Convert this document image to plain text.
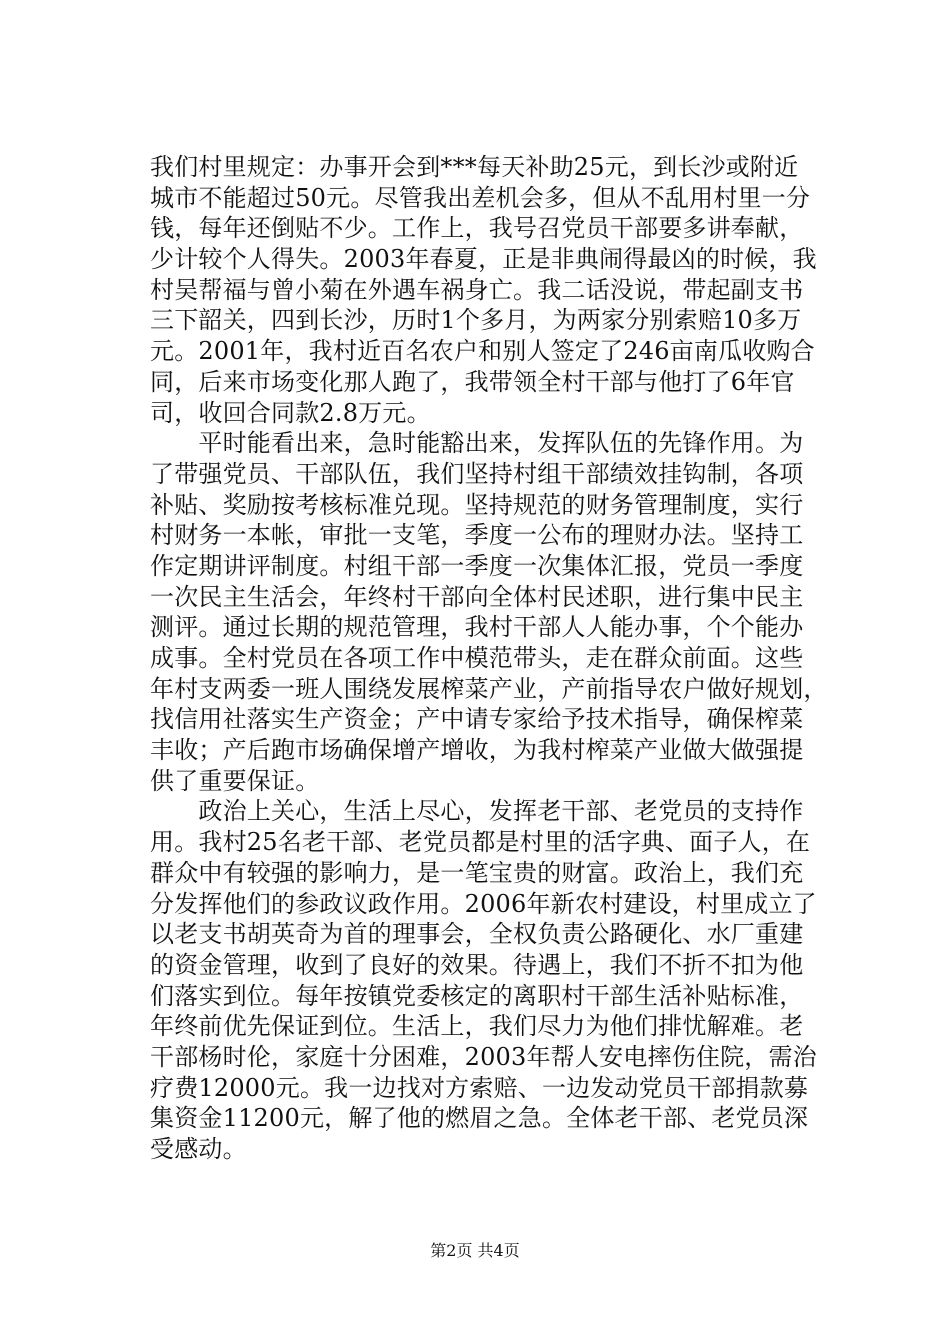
我们村里规定：办事开会到***每天补助25元，到长沙或附近
城市不能超过50元。尽管我出差机会多，但从不乱用村里一分
钱，每年还倒贴不少。工作上，我号召党员干部要多讲奉献，
少计较个人得失。2003年春夏，正是非典闹得最凶的时候，我
村吴帮福与曾小菊在外遇车祸身亡。我二话没说，带起副支书
三下韶关，四到长沙，历时1个多月，为两家分别索赔10多万
元。2001年，我村近百名农户和别人签定了246亩南瓜收购合
同，后来市场变化那人跑了，我带领全村干部与他打了6年官
司，收回合同款2.8万元。
　　平时能看出来，急时能豁出来，发挥队伍的先锋作用。为
了带强党员、干部队伍，我们坚持村组干部绩效挂钩制，各项
补贴、奖励按考核标准兑现。坚持规范的财务管理制度，实行
村财务一本帐，审批一支笔，季度一公布的理财办法。坚持工
作定期讲评制度。村组干部一季度一次集体汇报，党员一季度
一次民主生活会，年终村干部向全体村民述职，进行集中民主
测评。通过长期的规范管理，我村干部人人能办事，个个能办
成事。全村党员在各项工作中模范带头，走在群众前面。这些
年村支两委一班人围绕发展榨菜产业，产前指导农户做好规划，
找信用社落实生产资金；产中请专家给予技术指导，确保榨菜
丰收；产后跑市场确保增产增收，为我村榨菜产业做大做强提
供了重要保证。
　　政治上关心，生活上尽心，发挥老干部、老党员的支持作
用。我村25名老干部、老党员都是村里的活字典、面子人，在
群众中有较强的影响力，是一笔宝贵的财富。政治上，我们充
分发挥他们的参政议政作用。2006年新农村建设，村里成立了
以老支书胡英奇为首的理事会，全权负责公路硬化、水厂重建
的资金管理，收到了良好的效果。待遇上，我们不折不扣为他
们落实到位。每年按镇党委核定的离职村干部生活补贴标准，
年终前优先保证到位。生活上，我们尽力为他们排忧解难。老
干部杨时伦，家庭十分困难，2003年帮人安电摔伤住院，需治
疗费12000元。我一边找对方索赔、一边发动党员干部捐款募
集资金11200元，解了他的燃眉之急。全体老干部、老党员深
受感动。
第2页 共4页
